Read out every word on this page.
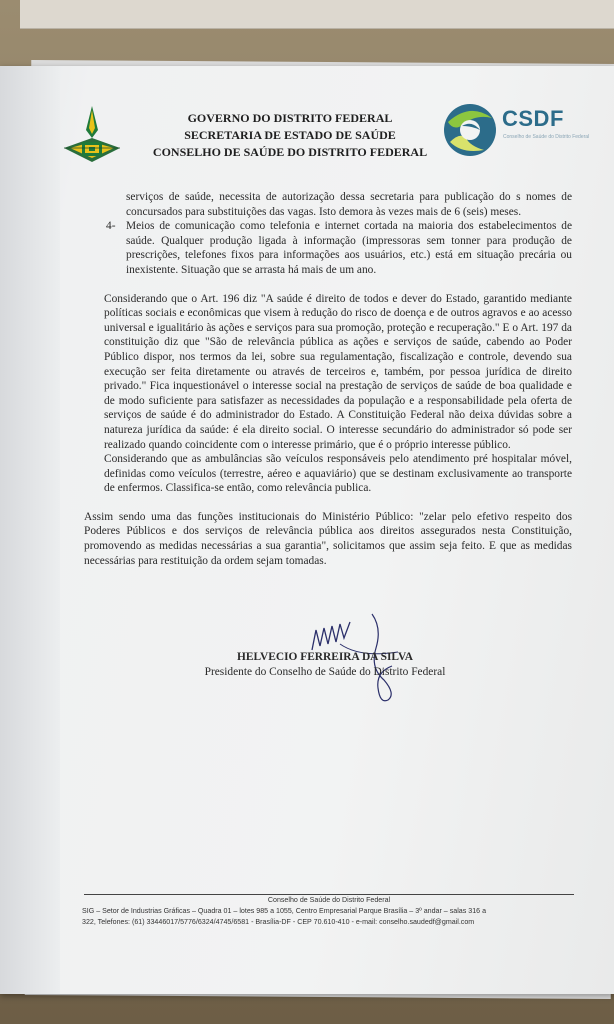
GOVERNO DO DISTRITO FEDERAL
SECRETARIA DE ESTADO DE SAÚDE
CONSELHO DE SAÚDE DO DISTRITO FEDERAL
CSDF
Conselho de Saúde do Distrito Federal
serviços de saúde, necessita de autorização dessa secretaria para publicação do s nomes de concursados para substituições das vagas. Isto demora às vezes mais de 6 (seis) meses.
4- Meios de comunicação como telefonia e internet cortada na maioria dos estabelecimentos de saúde. Qualquer produção ligada à informação (impressoras sem tonner para produção de prescrições, telefones fixos para informações aos usuários, etc.) está em situação precária ou inexistente. Situação que se arrasta há mais de um ano.
Considerando que o Art. 196 diz "A saúde é direito de todos e dever do Estado, garantido mediante políticas sociais e econômicas que visem à redução do risco de doença e de outros agravos e ao acesso universal e igualitário às ações e serviços para sua promoção, proteção e recuperação." E o Art. 197 da constituição diz que "São de relevância pública as ações e serviços de saúde, cabendo ao Poder Público dispor, nos termos da lei, sobre sua regulamentação, fiscalização e controle, devendo sua execução ser feita diretamente ou através de terceiros e, também, por pessoa jurídica de direito privado." Fica inquestionável o interesse social na prestação de serviços de saúde de boa qualidade e de modo suficiente para satisfazer as necessidades da população e a responsabilidade pela oferta de serviços de saúde é do administrador do Estado. A Constituição Federal não deixa dúvidas sobre a natureza jurídica da saúde: é ela direito social. O interesse secundário do administrador só pode ser realizado quando coincidente com o interesse primário, que é o próprio interesse público.
Considerando que as ambulâncias são veículos responsáveis pelo atendimento pré hospitalar móvel, definidas como veículos (terrestre, aéreo e aquaviário) que se destinam exclusivamente ao transporte de enfermos. Classifica-se então, como relevância publica.
Assim sendo uma das funções institucionais do Ministério Público: "zelar pelo efetivo respeito dos Poderes Públicos e dos serviços de relevância pública aos direitos assegurados nesta Constituição, promovendo as medidas necessárias a sua garantia", solicitamos que assim seja feito. E que as medidas necessárias para restituição da ordem sejam tomadas.
HELVECIO FERREIRA DA SILVA
Presidente do Conselho de Saúde do Distrito Federal
Conselho de Saúde do Distrito Federal
SIG – Setor de Industrias Gráficas – Quadra 01 – lotes 985 a 1055, Centro Empresarial Parque Brasília – 3º andar – salas 316 a
322, Telefones: (61) 33446017/5776/6324/4745/6581 - Brasília-DF - CEP 70.610-410 - e-mail: conselho.saudedf@gmail.com
